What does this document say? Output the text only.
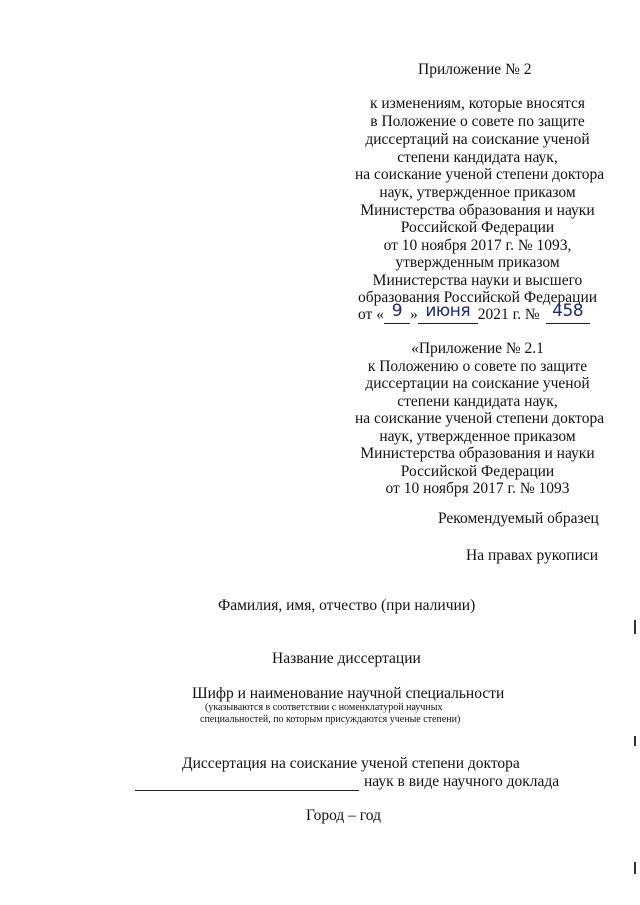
Приложение № 2
к изменениям, которые вносятся
в Положение о совете по защите
диссертаций на соискание ученой
степени кандидата наук,
на соискание ученой степени доктора
наук, утвержденное приказом
Министерства образования и науки
Российской Федерации
от 10 ноября 2017 г. № 1093,
утвержденным приказом
Министерства науки и высшего
образования Российской Федерации
от « 9 » июня 2021 г. № 458
«Приложение № 2.1
к Положению о совете по защите
диссертации на соискание ученой
степени кандидата наук,
на соискание ученой степени доктора
наук, утвержденное приказом
Министерства образования и науки
Российской Федерации
от 10 ноября 2017 г. № 1093
Рекомендуемый образец
На правах рукописи
Фамилия, имя, отчество (при наличии)
Название диссертации
Шифр и наименование научной специальности
(указываются в соответствии с номенклатурой научных
специальностей, по которым присуждаются ученые степени)
Диссертация на соискание ученой степени доктора
наук в виде научного доклада
Город – год
